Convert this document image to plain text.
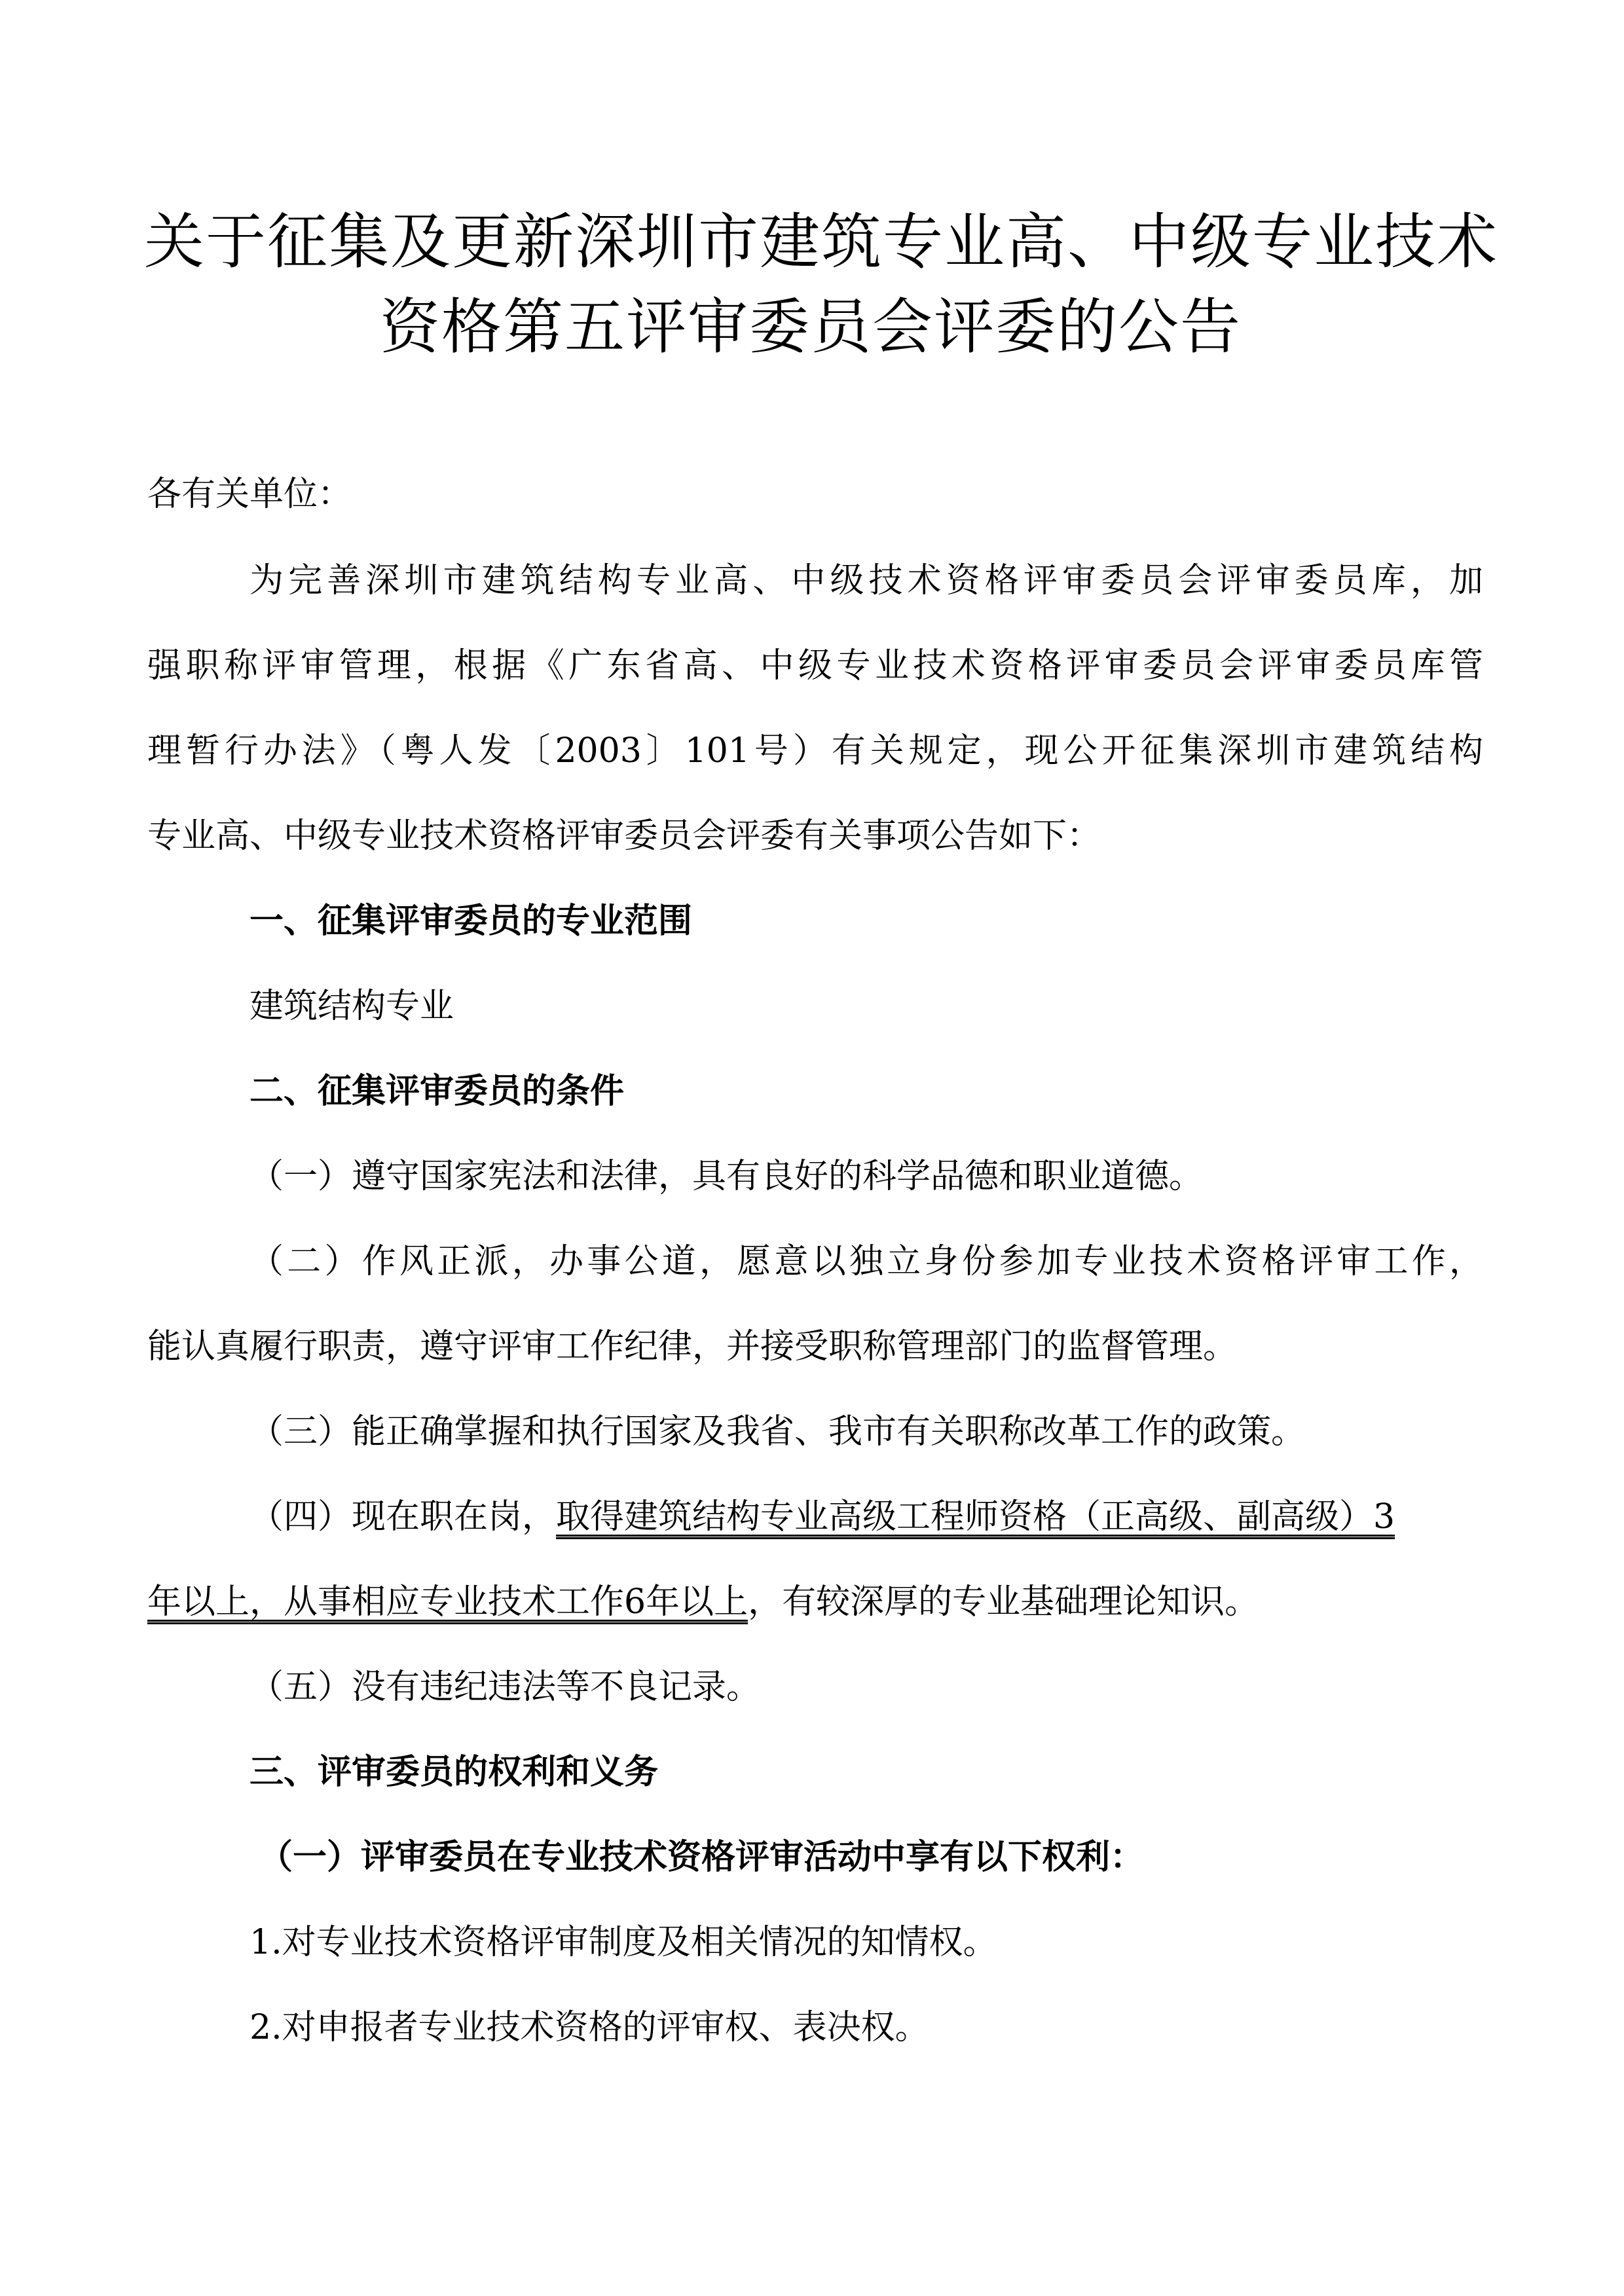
关于征集及更新深圳市建筑专业高、中级专业技术
资格第五评审委员会评委的公告

各有关单位：

为完善深圳市建筑结构专业高、中级技术资格评审委员会评审委员库，加

强职称评审管理，根据《广东省高、中级专业技术资格评审委员会评审委员库管

理暂行办法》（粤人发〔2003〕101号）有关规定，现公开征集深圳市建筑结构

专业高、中级专业技术资格评审委员会评委有关事项公告如下：

一、征集评审委员的专业范围

建筑结构专业

二、征集评审委员的条件

（一）遵守国家宪法和法律，具有良好的科学品德和职业道德。

（二）作风正派，办事公道，愿意以独立身份参加专业技术资格评审工作，

能认真履行职责，遵守评审工作纪律，并接受职称管理部门的监督管理。

（三）能正确掌握和执行国家及我省、我市有关职称改革工作的政策。

（四）现在职在岗，取得建筑结构专业高级工程师资格（正高级、副高级）3

年以上，从事相应专业技术工作6年以上，有较深厚的专业基础理论知识。

（五）没有违纪违法等不良记录。

三、评审委员的权利和义务

（一）评审委员在专业技术资格评审活动中享有以下权利：

1.对专业技术资格评审制度及相关情况的知情权。

2.对申报者专业技术资格的评审权、表决权。
